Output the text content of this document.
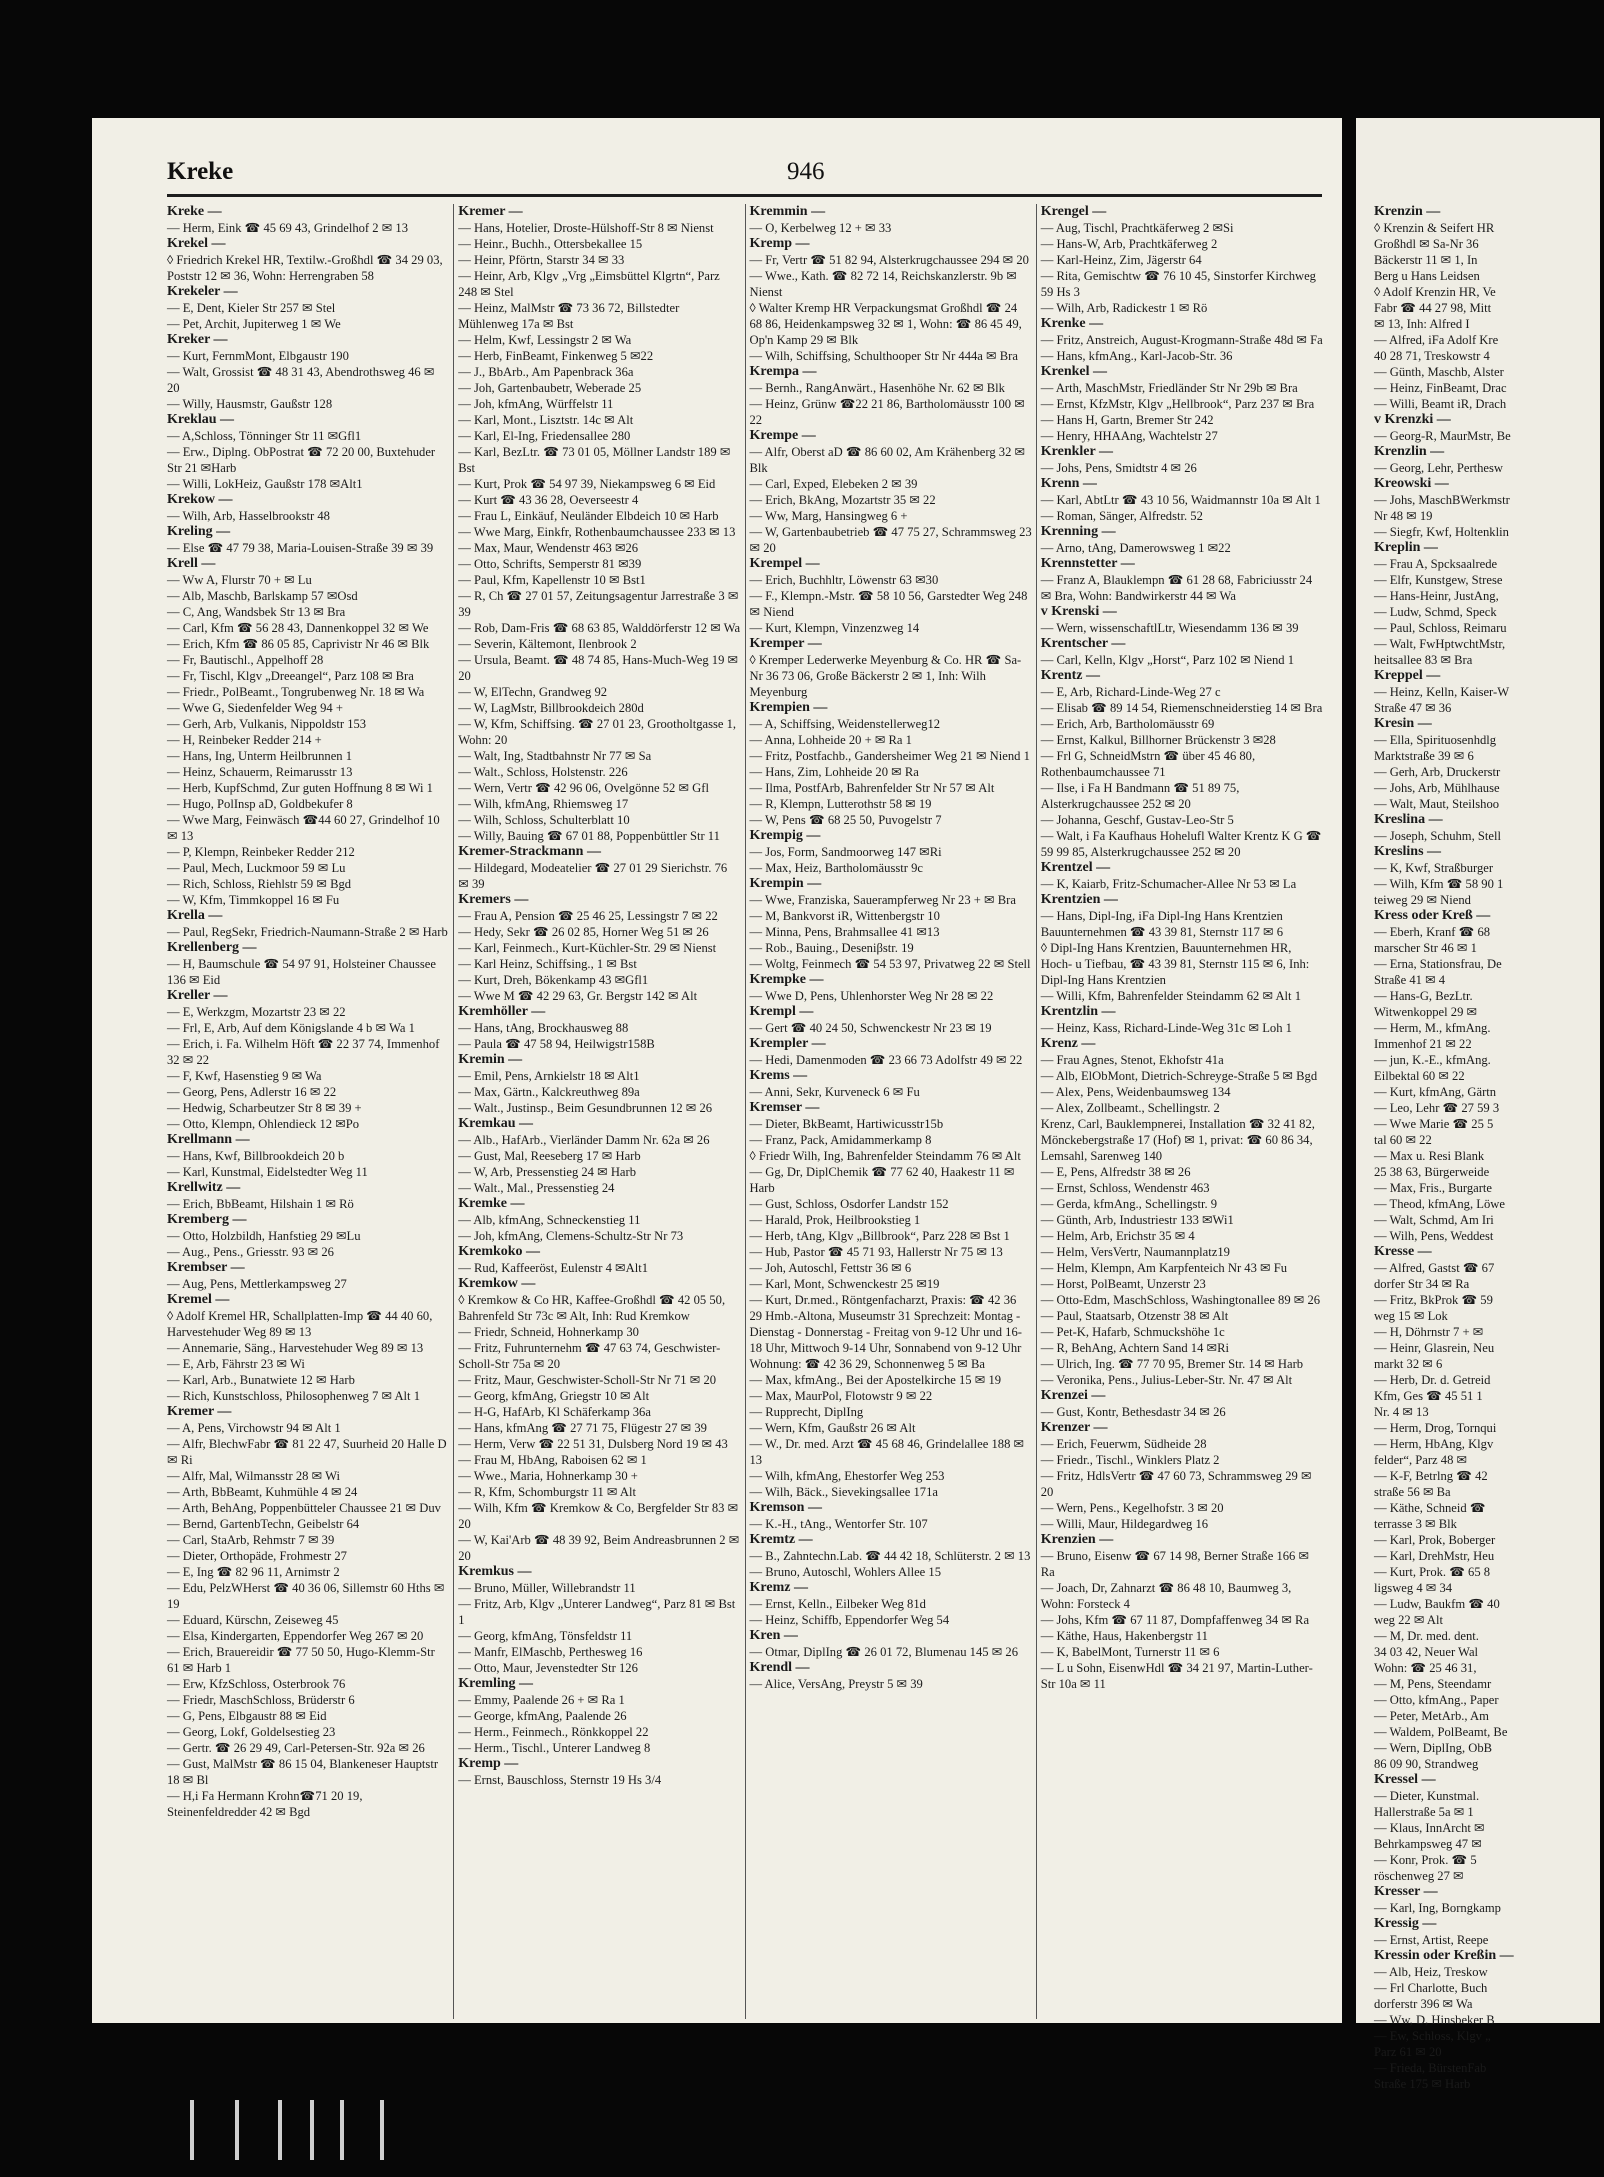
Kreke	946
Kreke —
— Herm, Eink ☎ 45 69 43, Grindelhof 2 ✉ 13
Krekel —
◊ Friedrich Krekel HR, Textilw.-Großhdl ☎ 34 29 03, Poststr 12 ✉ 36, Wohn: Herrengraben 58
Krekeler —
— E, Dent, Kieler Str 257 ✉ Stel
— Pet, Archit, Jupiterweg 1 ✉ We
Kreker —
— Kurt, FernmMont, Elbgaustr 190
— Walt, Grossist ☎ 48 31 43, Abendrothsweg 46 ✉ 20
— Willy, Hausmstr, Gaußstr 128
Kreklau —
— A,Schloss, Tönninger Str 11 ✉Gfl1
— Erw., Diplng. ObPostrat ☎ 72 20 00, Buxtehuder Str 21 ✉Harb
— Willi, LokHeiz, Gaußstr 178 ✉Alt1
Krekow —
— Wilh, Arb, Hasselbrookstr 48
Kreling —
— Else ☎ 47 79 38, Maria-Louisen-Straße 39 ✉ 39
Krell —
— Ww A, Flurstr 70 + ✉ Lu
— Alb, Maschb, Barlskamp 57 ✉Osd
— C, Ang, Wandsbek Str 13 ✉ Bra
— Carl, Kfm ☎ 56 28 43, Dannenkoppel 32 ✉ We
— Erich, Kfm ☎ 86 05 85, Caprivistr Nr 46 ✉ Blk
— Fr, Bautischl., Appelhoff 28
— Fr, Tischl, Klgv „Dreeangel“, Parz 108 ✉ Bra
— Friedr., PolBeamt., Tongrubenweg Nr. 18 ✉ Wa
— Wwe G, Siedenfelder Weg 94 +
— Gerh, Arb, Vulkanis, Nippoldstr 153
— H, Reinbeker Redder 214 +
— Hans, Ing, Unterm Heilbrunnen 1
— Heinz, Schauerm, Reimarusstr 13
— Herb, KupfSchmd, Zur guten Hoffnung 8 ✉ Wi 1
— Hugo, PolInsp aD, Goldbekufer 8
— Wwe Marg, Feinwäsch ☎44 60 27, Grindelhof 10 ✉ 13
— P, Klempn, Reinbeker Redder 212
— Paul, Mech, Luckmoor 59 ✉ Lu
— Rich, Schloss, Riehlstr 59 ✉ Bgd
— W, Kfm, Timmkoppel 16 ✉ Fu
Krella —
— Paul, RegSekr, Friedrich-Naumann-Straße 2 ✉ Harb
Krellenberg —
— H, Baumschule ☎ 54 97 91, Holsteiner Chaussee 136 ✉ Eid
Kreller —
— E, Werkzgm, Mozartstr 23 ✉ 22
— Frl, E, Arb, Auf dem Königslande 4 b ✉ Wa 1
— Erich, i. Fa. Wilhelm Höft ☎ 22 37 74, Immenhof 32 ✉ 22
— F, Kwf, Hasenstieg 9 ✉ Wa
— Georg, Pens, Adlerstr 16 ✉ 22
— Hedwig, Scharbeutzer Str 8 ✉ 39 +
— Otto, Klempn, Ohlendieck 12 ✉Po
Krellmann —
— Hans, Kwf, Billbrookdeich 20 b
— Karl, Kunstmal, Eidelstedter Weg 11
Krellwitz —
— Erich, BbBeamt, Hilshain 1 ✉ Rö
Kremberg —
— Otto, Holzbildh, Hanfstieg 29 ✉Lu
— Aug., Pens., Griesstr. 93 ✉ 26
Krembser —
— Aug, Pens, Mettlerkampsweg 27
Kremel —
◊ Adolf Kremel HR, Schallplatten-Imp ☎ 44 40 60, Harvestehuder Weg 89 ✉ 13
— Annemarie, Säng., Harvestehuder Weg 89 ✉ 13
— E, Arb, Fährstr 23 ✉ Wi
— Karl, Arb., Bunatwiete 12 ✉ Harb
— Rich, Kunstschloss, Philosophenweg 7 ✉ Alt 1
Kremer —
— A, Pens, Virchowstr 94 ✉ Alt 1
— Alfr, BlechwFabr ☎ 81 22 47, Suurheid 20 Halle D ✉ Ri
— Alfr, Mal, Wilmansstr 28 ✉ Wi
— Arth, BbBeamt, Kuhmühle 4 ✉ 24
— Arth, BehAng, Poppenbütteler Chaussee 21 ✉ Duv
— Bernd, GartenbTechn, Geibelstr 64
— Carl, StaArb, Rehmstr 7 ✉ 39
— Dieter, Orthopäde, Frohmestr 27
— E, Ing ☎ 82 96 11, Arnimstr 2
— Edu, PelzWHerst ☎ 40 36 06, Sillemstr 60 Hths ✉ 19
— Eduard, Kürschn, Zeiseweg 45
— Elsa, Kindergarten, Eppendorfer Weg 267 ✉ 20
— Erich, Brauereidir ☎ 77 50 50, Hugo-Klemm-Str 61 ✉ Harb 1
— Erw, KfzSchloss, Osterbrook 76
— Friedr, MaschSchloss, Brüderstr 6
— G, Pens, Elbgaustr 88 ✉ Eid
— Georg, Lokf, Goldelsestieg 23
— Gertr. ☎ 26 29 49, Carl-Petersen-Str. 92a ✉ 26
— Gust, MalMstr ☎ 86 15 04, Blankeneser Hauptstr 18 ✉ Bl
— H,i Fa Hermann Krohn☎71 20 19, Steinenfeldredder 42 ✉ Bgd
Kremer —
— Hans, Hotelier, Droste-Hülshoff-Str 8 ✉ Nienst
— Heinr., Buchh., Ottersbekallee 15
— Heinr, Pförtn, Starstr 34 ✉ 33
— Heinr, Arb, Klgv „Vrg „Eimsbüttel Klgrtn“, Parz 248 ✉ Stel
— Heinz, MalMstr ☎ 73 36 72, Billstedter Mühlenweg 17a ✉ Bst
— Helm, Kwf, Lessingstr 2 ✉ Wa
— Herb, FinBeamt, Finkenweg 5 ✉22
— J., BbArb., Am Papenbrack 36a
— Joh, Gartenbaubetr, Weberade 25
— Joh, kfmAng, Würffelstr 11
— Karl, Mont., Lisztstr. 14c ✉ Alt
— Karl, El-Ing, Friedensallee 280
— Karl, BezLtr. ☎ 73 01 05, Möllner Landstr 189 ✉ Bst
— Kurt, Prok ☎ 54 97 39, Niekampsweg 6 ✉ Eid
— Kurt ☎ 43 36 28, Oeverseestr 4
— Frau L, Einkäuf, Neuländer Elbdeich 10 ✉ Harb
— Wwe Marg, Einkfr, Rothenbaumchaussee 233 ✉ 13
— Max, Maur, Wendenstr 463 ✉26
— Otto, Schrifts, Semperstr 81 ✉39
— Paul, Kfm, Kapellenstr 10 ✉ Bst1
— R, Ch ☎ 27 01 57, Zeitungsagentur Jarrestraße 3 ✉ 39
— Rob, Dam-Fris ☎ 68 63 85, Walddörferstr 12 ✉ Wa
— Severin, Kältemont, Ilenbrook 2
— Ursula, Beamt. ☎ 48 74 85, Hans-Much-Weg 19 ✉ 20
— W, ElTechn, Grandweg 92
— W, LagMstr, Billbrookdeich 280d
— W, Kfm, Schiffsing. ☎ 27 01 23, Grootholtgasse 1, Wohn: 20
— Walt, Ing, Stadtbahnstr Nr 77 ✉ Sa
— Walt., Schloss, Holstenstr. 226
— Wern, Vertr ☎ 42 96 06, Ovelgönne 52 ✉ Gfl
— Wilh, kfmAng, Rhiemsweg 17
— Wilh, Schloss, Schulterblatt 10
— Willy, Bauing ☎ 67 01 88, Poppenbüttler Str 11
Kremer-Strackmann —
— Hildegard, Modeatelier ☎ 27 01 29 Sierichstr. 76 ✉ 39
Kremers —
— Frau A, Pension ☎ 25 46 25, Lessingstr 7 ✉ 22
— Hedy, Sekr ☎ 26 02 85, Horner Weg 51 ✉ 26
— Karl, Feinmech., Kurt-Küchler-Str. 29 ✉ Nienst
— Karl Heinz, Schiffsing., 1 ✉ Bst
— Kurt, Dreh, Bökenkamp 43 ✉Gfl1
— Wwe M ☎ 42 29 63, Gr. Bergstr 142 ✉ Alt
Kremhöller —
— Hans, tAng, Brockhausweg 88
— Paula ☎ 47 58 94, Heilwigstr158B
Kremin —
— Emil, Pens, Arnkielstr 18 ✉ Alt1
— Max, Gärtn., Kalckreuthweg 89a
— Walt., Justinsp., Beim Gesundbrunnen 12 ✉ 26
Kremkau —
— Alb., HafArb., Vierländer Damm Nr. 62a ✉ 26
— Gust, Mal, Reeseberg 17 ✉ Harb
— W, Arb, Pressenstieg 24 ✉ Harb
— Walt., Mal., Pressenstieg 24
Kremke —
— Alb, kfmAng, Schneckenstieg 11
— Joh, kfmAng, Clemens-Schultz-Str Nr 73
Kremkoko —
— Rud, Kaffeeröst, Eulenstr 4 ✉Alt1
Kremkow —
◊ Kremkow & Co HR, Kaffee-Großhdl ☎ 42 05 50, Bahrenfeld Str 73c ✉ Alt, Inh: Rud Kremkow
— Friedr, Schneid, Hohnerkamp 30
— Fritz, Fuhrunternehm ☎ 47 63 74, Geschwister-Scholl-Str 75a ✉ 20
— Fritz, Maur, Geschwister-Scholl-Str Nr 71 ✉ 20
— Georg, kfmAng, Griegstr 10 ✉ Alt
— H-G, HafArb, Kl Schäferkamp 36a
— Hans, kfmAng ☎ 27 71 75, Flügestr 27 ✉ 39
— Herm, Verw ☎ 22 51 31, Dulsberg Nord 19 ✉ 43
— Frau M, HbAng, Raboisen 62 ✉ 1
— Wwe., Maria, Hohnerkamp 30 +
— R, Kfm, Schomburgstr 11 ✉ Alt
— Wilh, Kfm ☎ Kremkow & Co, Bergfelder Str 83 ✉ 20
— W, Kai'Arb ☎ 48 39 92, Beim Andreasbrunnen 2 ✉ 20
Kremkus —
— Bruno, Müller, Willebrandstr 11
— Fritz, Arb, Klgv „Unterer Landweg“, Parz 81 ✉ Bst 1
— Georg, kfmAng, Tönsfeldstr 11
— Manfr, ElMaschb, Perthesweg 16
— Otto, Maur, Jevenstedter Str 126
Kremling —
— Emmy, Paalende 26 + ✉ Ra 1
— George, kfmAng, Paalende 26
— Herm., Feinmech., Rönkkoppel 22
— Herm., Tischl., Unterer Landweg 8
Kremp —
— Ernst, Bauschloss, Sternstr 19 Hs 3/4
Kremmin —
— O, Kerbelweg 12 + ✉ 33
Kremp —
— Fr, Vertr ☎ 51 82 94, Alsterkrugchaussee 294 ✉ 20
— Wwe., Kath. ☎ 82 72 14, Reichskanzlerstr. 9b ✉ Nienst
◊ Walter Kremp HR Verpackungsmat Großhdl ☎ 24 68 86, Heidenkampsweg 32 ✉ 1, Wohn: ☎ 86 45 49, Op'n Kamp 29 ✉ Blk
— Wilh, Schiffsing, Schulthooper Str Nr 444a ✉ Bra
Krempa —
— Bernh., RangAnwärt., Hasenhöhe Nr. 62 ✉ Blk
— Heinz, Grünw ☎22 21 86, Bartholomäusstr 100 ✉ 22
Krempe —
— Alfr, Oberst aD ☎ 86 60 02, Am Krähenberg 32 ✉ Blk
— Carl, Exped, Elebeken 2 ✉ 39
— Erich, BkAng, Mozartstr 35 ✉ 22
— Ww, Marg, Hansingweg 6 +
— W, Gartenbaubetrieb ☎ 47 75 27, Schrammsweg 23 ✉ 20
Krempel —
— Erich, Buchhltr, Löwenstr 63 ✉30
— F., Klempn.-Mstr. ☎ 58 10 56, Garstedter Weg 248 ✉ Niend
— Kurt, Klempn, Vinzenzweg 14
Kremper —
◊ Kremper Lederwerke Meyenburg & Co. HR ☎ Sa-Nr 36 73 06, Große Bäckerstr 2 ✉ 1, Inh: Wilh Meyenburg
Krempien —
— A, Schiffsing, Weidenstellerweg12
— Anna, Lohheide 20 + ✉ Ra 1
— Fritz, Postfachb., Gandersheimer Weg 21 ✉ Niend 1
— Hans, Zim, Lohheide 20 ✉ Ra
— Ilma, PostfArb, Bahrenfelder Str Nr 57 ✉ Alt
— R, Klempn, Lutterothstr 58 ✉ 19
— W, Pens ☎ 68 25 50, Puvogelstr 7
Krempig —
— Jos, Form, Sandmoorweg 147 ✉Ri
— Max, Heiz, Bartholomäusstr 9c
Krempin —
— Wwe, Franziska, Sauerampferweg Nr 23 + ✉ Bra
— M, Bankvorst iR, Wittenbergstr 10
— Minna, Pens, Brahmsallee 41 ✉13
— Rob., Bauing., Deseniβstr. 19
— Woltg, Feinmech ☎ 54 53 97, Privatweg 22 ✉ Stell
Krempke —
— Wwe D, Pens, Uhlenhorster Weg Nr 28 ✉ 22
Krempl —
— Gert ☎ 40 24 50, Schwenckestr Nr 23 ✉ 19
Krempler —
— Hedi, Damenmoden ☎ 23 66 73 Adolfstr 49 ✉ 22
Krems —
— Anni, Sekr, Kurveneck 6 ✉ Fu
Kremser —
— Dieter, BkBeamt, Hartiwicusstr15b
— Franz, Pack, Amidammerkamp 8
◊ Friedr Wilh, Ing, Bahrenfelder Steindamm 76 ✉ Alt
— Gg, Dr, DiplChemik ☎ 77 62 40, Haakestr 11 ✉ Harb
— Gust, Schloss, Osdorfer Landstr 152
— Harald, Prok, Heilbrookstieg 1
— Herb, tAng, Klgv „Billbrook“, Parz 228 ✉ Bst 1
— Hub, Pastor ☎ 45 71 93, Hallerstr Nr 75 ✉ 13
— Joh, Autoschl, Fettstr 36 ✉ 6
— Karl, Mont, Schwenckestr 25 ✉19
— Kurt, Dr.med., Röntgenfacharzt, Praxis: ☎ 42 36 29 Hmb.-Altona, Museumstr 31 Sprechzeit: Montag - Dienstag - Donnerstag - Freitag von 9-12 Uhr und 16-18 Uhr, Mittwoch 9-14 Uhr, Sonnabend von 9-12 Uhr Wohnung: ☎ 42 36 29, Schonnenweg 5 ✉ Ba
— Max, kfmAng., Bei der Apostelkirche 15 ✉ 19
— Max, MaurPol, Flotowstr 9 ✉ 22
— Rupprecht, DiplIng
— Wern, Kfm, Gaußstr 26 ✉ Alt
— W., Dr. med. Arzt ☎ 45 68 46, Grindelallee 188 ✉ 13
— Wilh, kfmAng, Ehestorfer Weg 253
— Wilh, Bäck., Sievekingsallee 171a
Kremson —
— K.-H., tAng., Wentorfer Str. 107
Kremtz —
— B., Zahntechn.Lab. ☎ 44 42 18, Schlüterstr. 2 ✉ 13
— Bruno, Autoschl, Wohlers Allee 15
Kremz —
— Ernst, Kelln., Eilbeker Weg 81d
— Heinz, Schiffb, Eppendorfer Weg 54
Kren —
— Otmar, DiplIng ☎ 26 01 72, Blumenau 145 ✉ 26
Krendl —
— Alice, VersAng, Preystr 5 ✉ 39
Krengel —
— Aug, Tischl, Prachtkäferweg 2 ✉Si
— Hans-W, Arb, Prachtkäferweg 2
— Karl-Heinz, Zim, Jägerstr 64
— Rita, Gemischtw ☎ 76 10 45, Sinstorfer Kirchweg 59 Hs 3
— Wilh, Arb, Radickestr 1 ✉ Rö
Krenke —
— Fritz, Anstreich, August-Krogmann-Straße 48d ✉ Fa
— Hans, kfmAng., Karl-Jacob-Str. 36
Krenkel —
— Arth, MaschMstr, Friedländer Str Nr 29b ✉ Bra
— Ernst, KfzMstr, Klgv „Hellbrook“, Parz 237 ✉ Bra
— Hans H, Gartn, Bremer Str 242
— Henry, HHAAng, Wachtelstr 27
Krenkler —
— Johs, Pens, Smidtstr 4 ✉ 26
Krenn —
— Karl, AbtLtr ☎ 43 10 56, Waidmannstr 10a ✉ Alt 1
— Roman, Sänger, Alfredstr. 52
Krenning —
— Arno, tAng, Damerowsweg 1 ✉22
Krennstetter —
— Franz A, Blauklempn ☎ 61 28 68, Fabriciusstr 24 ✉ Bra, Wohn: Bandwirkerstr 44 ✉ Wa
v Krenski —
— Wern, wissenschaftlLtr, Wiesendamm 136 ✉ 39
Krentscher —
— Carl, Kelln, Klgv „Horst“, Parz 102 ✉ Niend 1
Krentz —
— E, Arb, Richard-Linde-Weg 27 c
— Elisab ☎ 89 14 54, Riemenschneiderstieg 14 ✉ Bra
— Erich, Arb, Bartholomäusstr 69
— Ernst, Kalkul, Billhorner Brückenstr 3 ✉28
— Frl G, SchneidMstrn ☎ über 45 46 80, Rothenbaumchaussee 71
— Ilse, i Fa H Bandmann ☎ 51 89 75, Alsterkrugchaussee 252 ✉ 20
— Johanna, Geschf, Gustav-Leo-Str 5
— Walt, i Fa Kaufhaus Hohelufl Walter Krentz K G ☎ 59 99 85, Alsterkrugchaussee 252 ✉ 20
Krentzel —
— K, Kaiarb, Fritz-Schumacher-Allee Nr 53 ✉ La
Krentzien —
— Hans, Dipl-Ing, iFa Dipl-Ing Hans Krentzien Bauunternehmen ☎ 43 39 81, Sternstr 117 ✉ 6
◊ Dipl-Ing Hans Krentzien, Bauunternehmen HR, Hoch- u Tiefbau, ☎ 43 39 81, Sternstr 115 ✉ 6, Inh: Dipl-Ing Hans Krentzien
— Willi, Kfm, Bahrenfelder Steindamm 62 ✉ Alt 1
Krentzlin —
— Heinz, Kass, Richard-Linde-Weg 31c ✉ Loh 1
Krenz —
— Frau Agnes, Stenot, Ekhofstr 41a
— Alb, ElObMont, Dietrich-Schreyge-Straße 5 ✉ Bgd
— Alex, Pens, Weidenbaumsweg 134
— Alex, Zollbeamt., Schellingstr. 2
Krenz, Carl, Bauklempnerei, Installation ☎ 32 41 82, Mönckebergstraße 17 (Hof) ✉ 1, privat: ☎ 60 86 34, Lemsahl, Sarenweg 140
— E, Pens, Alfredstr 38 ✉ 26
— Ernst, Schloss, Wendenstr 463
— Gerda, kfmAng., Schellingstr. 9
— Günth, Arb, Industriestr 133 ✉Wi1
— Helm, Arb, Erichstr 35 ✉ 4
— Helm, VersVertr, Naumannplatz19
— Helm, Klempn, Am Karpfenteich Nr 43 ✉ Fu
— Horst, PolBeamt, Unzerstr 23
— Otto-Edm, MaschSchloss, Washingtonallee 89 ✉ 26
— Paul, Staatsarb, Otzenstr 38 ✉ Alt
— Pet-K, Hafarb, Schmuckshöhe 1c
— R, BehAng, Achtern Sand 14 ✉Ri
— Ulrich, Ing. ☎ 77 70 95, Bremer Str. 14 ✉ Harb
— Veronika, Pens., Julius-Leber-Str. Nr. 47 ✉ Alt
Krenzei —
— Gust, Kontr, Bethesdastr 34 ✉ 26
Krenzer —
— Erich, Feuerwm, Südheide 28
— Friedr., Tischl., Winklers Platz 2
— Fritz, HdlsVertr ☎ 47 60 73, Schrammsweg 29 ✉ 20
— Wern, Pens., Kegelhofstr. 3 ✉ 20
— Willi, Maur, Hildegardweg 16
Krenzien —
— Bruno, Eisenw ☎ 67 14 98, Berner Straße 166 ✉ Ra
— Joach, Dr, Zahnarzt ☎ 86 48 10, Baumweg 3, Wohn: Forsteck 4
— Johs, Kfm ☎ 67 11 87, Dompfaffenweg 34 ✉ Ra
— Käthe, Haus, Hakenbergstr 11
— K, BabelMont, Turnerstr 11 ✉ 6
— L u Sohn, EisenwHdl ☎ 34 21 97, Martin-Luther-Str 10a ✉ 11
Krenzin —
◊ Krenzin & Seifert HR
Großhdl ✉ Sa-Nr 36
Bäckerstr 11 ✉ 1, In
Berg u Hans Leidsen
◊ Adolf Krenzin HR, Ve
Fabr ☎ 44 27 98, Mitt
✉ 13, Inh: Alfred I
— Alfred, iFa Adolf Kre
40 28 71, Treskowstr 4
— Günth, Maschb, Alster
— Heinz, FinBeamt, Drac
— Willi, Beamt iR, Drach
v Krenzki —
— Georg-R, MaurMstr, Be
Krenzlin —
— Georg, Lehr, Perthesw
Kreowski —
— Johs, MaschBWerkmstr
Nr 48 ✉ 19
— Siegfr, Kwf, Holtenklin
Kreplin —
— Frau A, Spcksaalrede
— Elfr, Kunstgew, Strese
— Hans-Heinr, JustAng,
— Ludw, Schmd, Speck
— Paul, Schloss, Reimaru
— Walt, FwHptwchtMstr,
heitsallee 83 ✉ Bra
Kreppel —
— Heinz, Kelln, Kaiser-W
Straße 47 ✉ 36
Kresin —
— Ella, Spirituosenhdlg
Marktstraße 39 ✉ 6
— Gerh, Arb, Druckerstr
— Johs, Arb, Mühlhause
— Walt, Maut, Steilshoo
Kreslina —
— Joseph, Schuhm, Stell
Kreslins —
— K, Kwf, Straßburger
— Wilh, Kfm ☎ 58 90 1
teiweg 29 ✉ Niend
Kress oder Kreß —
— Eberh, Kranf ☎ 68
marscher Str 46 ✉ 1
— Erna, Stationsfrau, De
Straße 41 ✉ 4
— Hans-G, BezLtr.
Witwenkoppel 29 ✉
— Herm, M., kfmAng.
Immenhof 21 ✉ 22
— jun, K.-E., kfmAng.
Eilbektal 60 ✉ 22
— Kurt, kfmAng, Gärtn
— Leo, Lehr ☎ 27 59 3
— Wwe Marie ☎ 25 5
tal 60 ✉ 22
— Max u. Resi Blank
25 38 63, Bürgerweide
— Max, Fris., Burgarte
— Theod, kfmAng, Löwe
— Walt, Schmd, Am Iri
— Wilh, Pens, Weddest
Kresse —
— Alfred, Gastst ☎ 67
dorfer Str 34 ✉ Ra
— Fritz, BkProk ☎ 59
weg 15 ✉ Lok
— H, Döhrnstr 7 + ✉
— Heinr, Glasrein, Neu
markt 32 ✉ 6
— Herb, Dr. d. Getreid
Kfm, Ges ☎ 45 51 1
Nr. 4 ✉ 13
— Herm, Drog, Tornqui
— Herm, HbAng, Klgv
felder“, Parz 48 ✉
— K-F, Betrlng ☎ 42
straße 56 ✉ Ba
— Käthe, Schneid ☎
terrasse 3 ✉ Blk
— Karl, Prok, Boberger
— Karl, DrehMstr, Heu
— Kurt, Prok. ☎ 65 8
ligsweg 4 ✉ 34
— Ludw, Baukfm ☎ 40
weg 22 ✉ Alt
— M, Dr. med. dent.
34 03 42, Neuer Wal
Wohn: ☎ 25 46 31,
— M, Pens, Steendamr
— Otto, kfmAng., Paper
— Peter, MetArb., Am
— Waldem, PolBeamt, Be
— Wern, DiplIng, ObB
86 09 90, Strandweg
Kressel —
— Dieter, Kunstmal.
Hallerstraße 5a ✉ 1
— Klaus, InnArcht ✉
Behrkampsweg 47 ✉
— Konr, Prok. ☎ 5
röschenweg 27 ✉
Kresser —
— Karl, Ing, Borngkamp
Kressig —
— Ernst, Artist, Reepe
Kressin oder Kreßin —
— Alb, Heiz, Treskow
— Frl Charlotte, Buch
dorferstr 396 ✉ Wa
— Ww, D, Hinsbeker B
— Ew, Schloss, Klgv „
Parz 61 ✉ 20
— Frieda, BürstenFab
Straße 175 ✉ Harb
